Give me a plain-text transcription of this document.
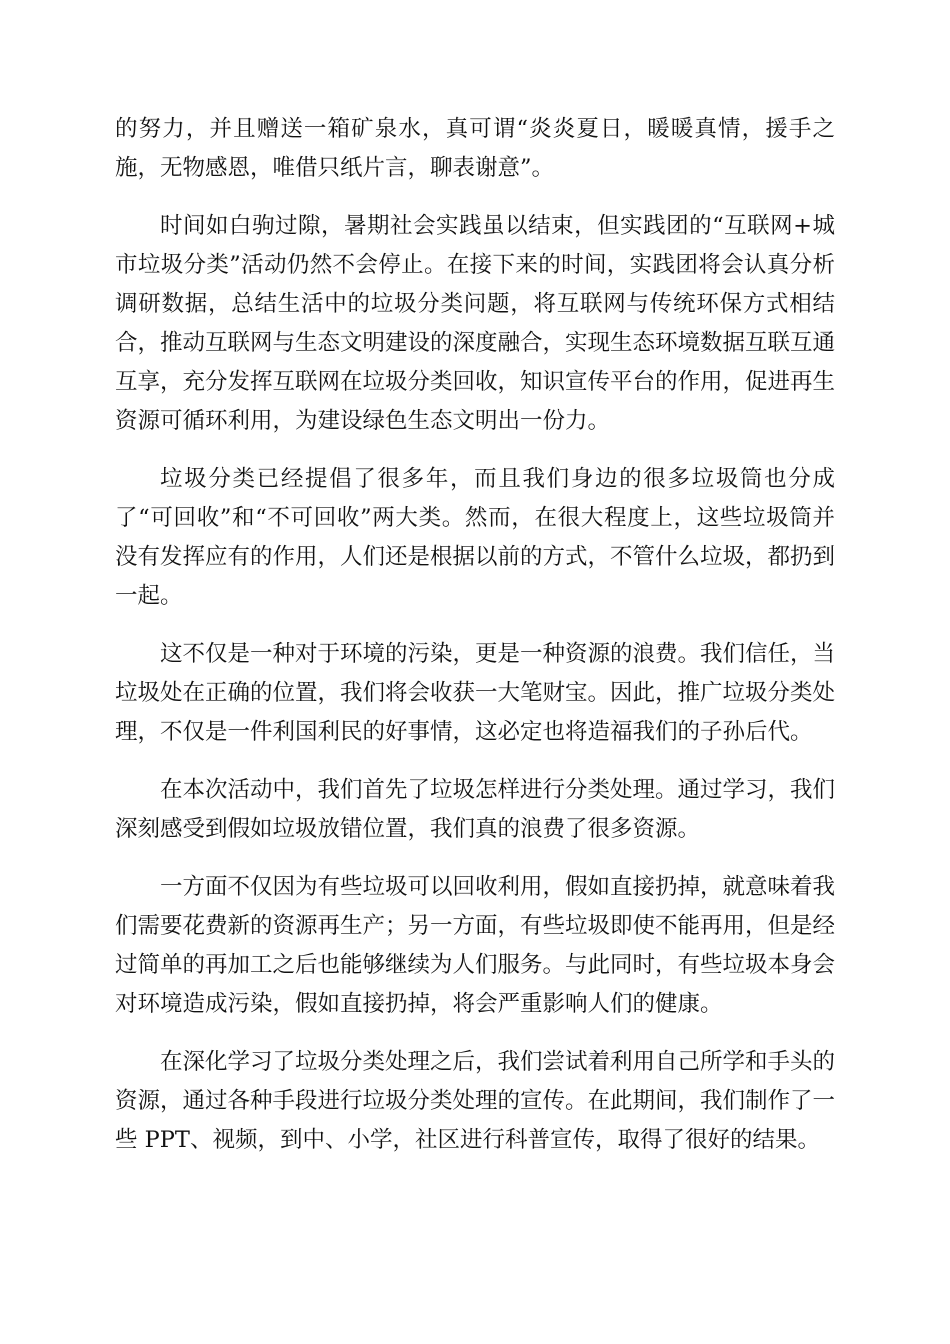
的努力，并且赠送一箱矿泉水，真可谓“炎炎夏日，暖暖真情，援手之施，无物感恩，唯借只纸片言，聊表谢意”。

时间如白驹过隙，暑期社会实践虽以结束，但实践团的“互联网+城市垃圾分类”活动仍然不会停止。在接下来的时间，实践团将会认真分析调研数据，总结生活中的垃圾分类问题，将互联网与传统环保方式相结合，推动互联网与生态文明建设的深度融合，实现生态环境数据互联互通互享，充分发挥互联网在垃圾分类回收，知识宣传平台的作用，促进再生资源可循环利用，为建设绿色生态文明出一份力。

垃圾分类已经提倡了很多年，而且我们身边的很多垃圾筒也分成了“可回收”和“不可回收”两大类。然而，在很大程度上，这些垃圾筒并没有发挥应有的作用，人们还是根据以前的方式，不管什么垃圾，都扔到一起。

这不仅是一种对于环境的污染，更是一种资源的浪费。我们信任，当垃圾处在正确的位置，我们将会收获一大笔财宝。因此，推广垃圾分类处理，不仅是一件利国利民的好事情，这必定也将造福我们的子孙后代。

在本次活动中，我们首先了垃圾怎样进行分类处理。通过学习，我们深刻感受到假如垃圾放错位置，我们真的浪费了很多资源。

一方面不仅因为有些垃圾可以回收利用，假如直接扔掉，就意味着我们需要花费新的资源再生产；另一方面，有些垃圾即使不能再用，但是经过简单的再加工之后也能够继续为人们服务。与此同时，有些垃圾本身会对环境造成污染，假如直接扔掉，将会严重影响人们的健康。

在深化学习了垃圾分类处理之后，我们尝试着利用自己所学和手头的资源，通过各种手段进行垃圾分类处理的宣传。在此期间，我们制作了一些 PPT、视频，到中、小学，社区进行科普宣传，取得了很好的结果。
